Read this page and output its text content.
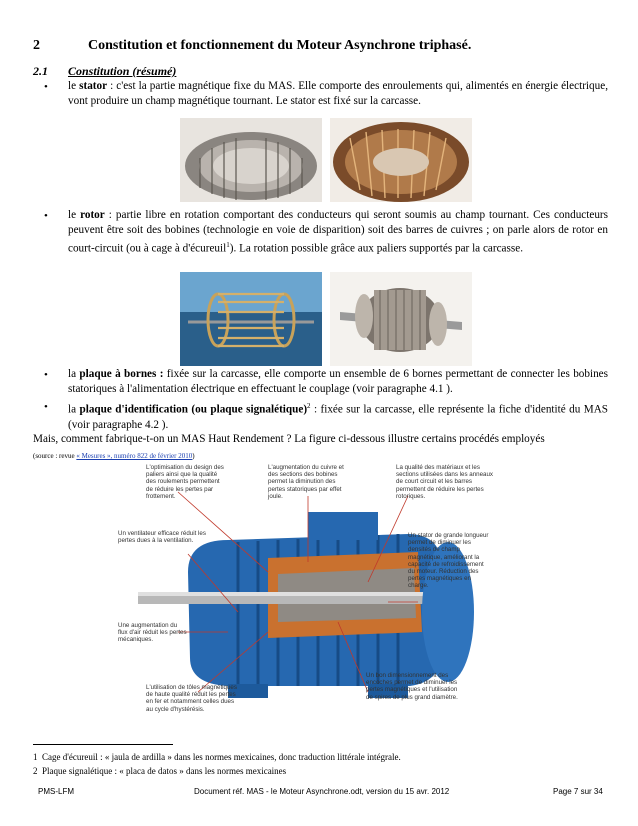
2	Constitution et fonctionnement du Moteur Asynchrone triphasé.
2.1 Constitution (résumé)
• le stator : c'est la partie magnétique fixe du MAS. Elle comporte des enroulements qui, alimentés en énergie électrique, vont produire un champ magnétique tournant. Le stator est fixé sur la carcasse.
• le rotor : partie libre en rotation comportant des conducteurs qui seront soumis au champ tournant. Ces conducteurs peuvent être soit des bobines (technologie en voie de disparition) soit des barres de cuivres ; on parle alors de rotor en court-circuit (ou à cage à d'écureuil$^1$). La rotation possible grâce aux paliers supportés par la carcasse.
• la plaque à bornes : fixée sur la carcasse, elle comporte un ensemble de 6 bornes permettant de connecter les bobines statoriques à l'alimentation électrique en effectuant le couplage (voir paragraphe 4.1 ).
• la plaque d'identification (ou plaque signalétique)$^2$ : fixée sur la carcasse, elle représente la fiche d'identité du MAS (voir paragraphe 4.2 ).
Mais, comment fabrique-t-on un MAS Haut Rendement ? La figure ci-dessous illustre certains procédés employés
(source : revue « Mesures », numéro 822 de février 2010)
L'optimisation du design des paliers ainsi que la qualité des roulements permettent de réduire les pertes par frottement.
L'augmentation du cuivre et des sections des bobines permet la diminution des pertes statoriques par effet joule.
La qualité des matériaux et les sections utilisées dans les anneaux de court circuit et les barres permettent de réduire les pertes rotoriques.
Un ventilateur efficace réduit les pertes dues à la ventilation.
Un stator de grande longueur permet de diminuer les densités de champ magnétique, améliorant la capacité de refroidissement du moteur. Réduction des pertes magnétiques en charge.
Une augmentation du flux d'air réduit les pertes mécaniques.
L'utilisation de tôles magnétiques de haute qualité réduit les pertes en fer et notamment celles dues au cycle d'hystérésis.
Un bon dimensionnement des encoches permet de diminuer les pertes magnétiques et l'utilisation de spires de plus grand diamètre.
1 Cage d'écureuil : « jaula de ardilla » dans les normes mexicaines, donc traduction littérale intégrale.
2 Plaque signalétique : « placa de datos » dans les normes mexicaines
PMS-LFM	Document réf. MAS - le Moteur Asynchrone.odt, version du 15 avr. 2012	Page 7 sur 34
